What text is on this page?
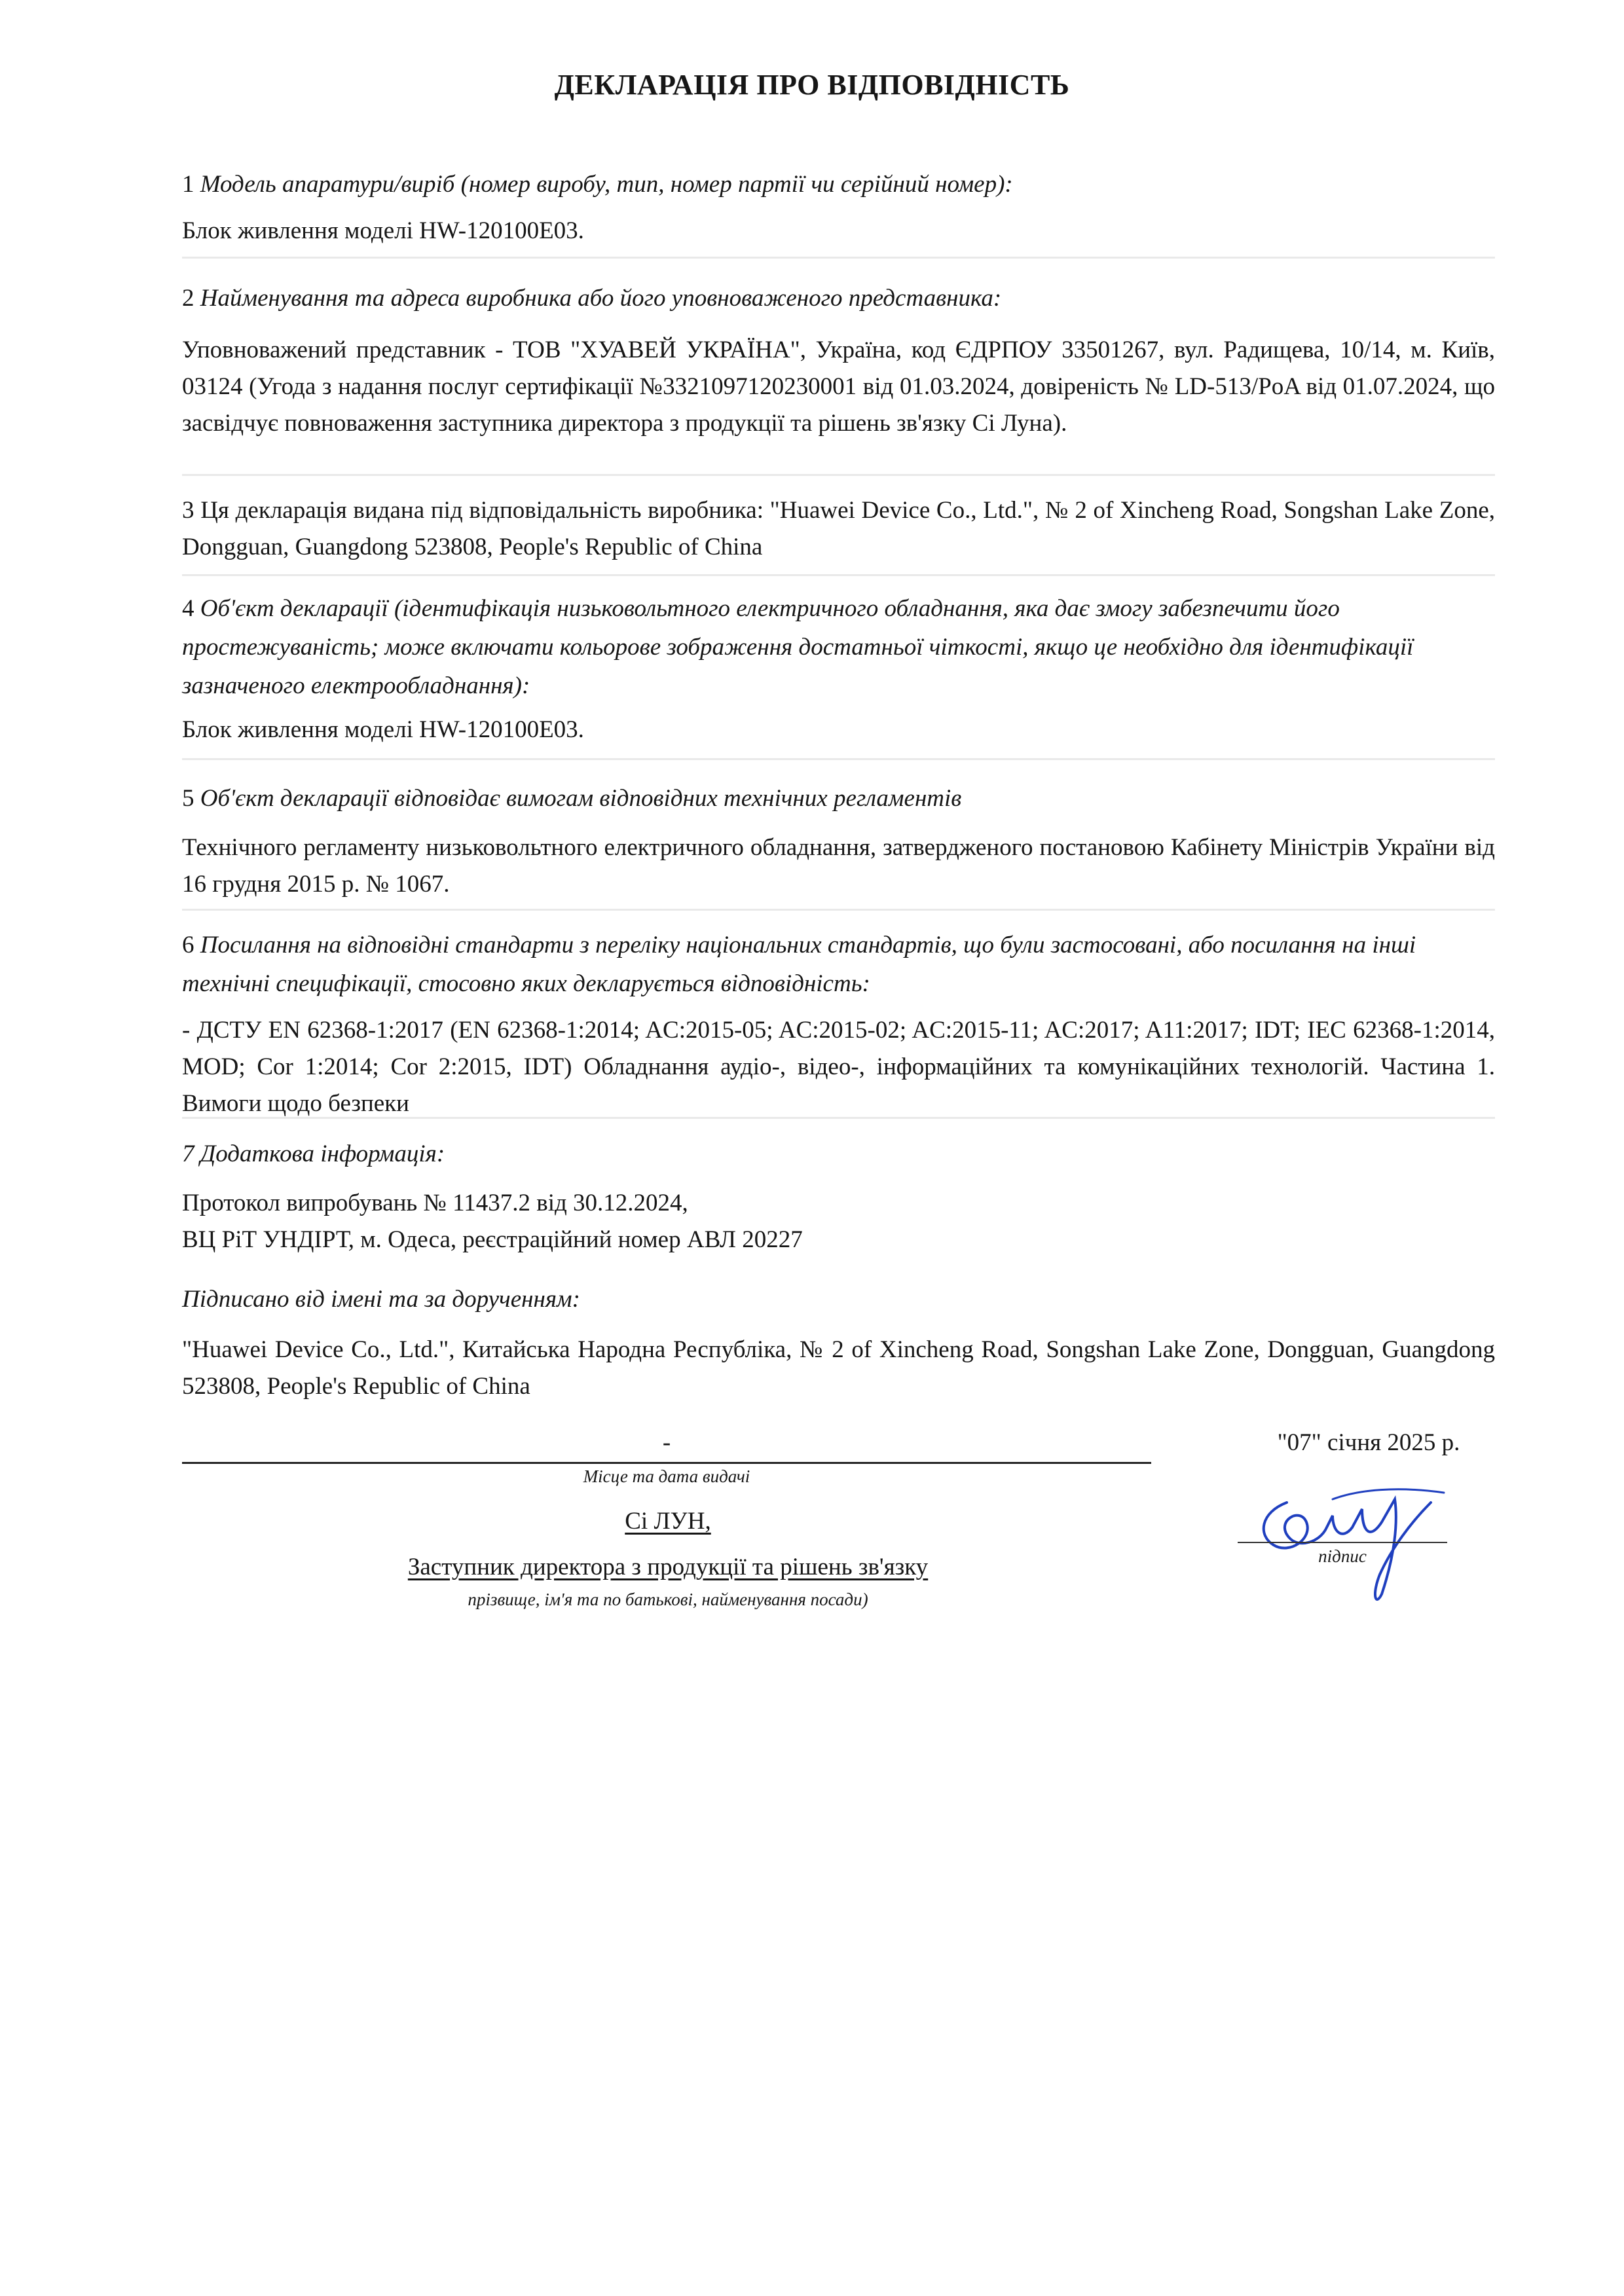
ДЕКЛАРАЦІЯ ПРО ВІДПОВІДНІСТЬ
1 Модель апаратури/виріб (номер виробу, тип, номер партії чи серійний номер):
Блок живлення моделі HW-120100E03.
2 Найменування та адреса виробника або його уповноваженого представника:
Уповноважений представник - ТОВ "ХУАВЕЙ УКРАЇНА", Україна, код ЄДРПОУ 33501267, вул. Радищева, 10/14, м. Київ, 03124 (Угода з надання послуг сертифікації №3321097120230001 від 01.03.2024, довіреність № LD-513/PoA від 01.07.2024, що засвідчує повноваження заступника директора з продукції та рішень зв'язку Сі Луна).
3 Ця декларація видана під відповідальність виробника: "Huawei Device Co., Ltd.", № 2 of Xincheng Road, Songshan Lake Zone, Dongguan, Guangdong 523808, People's Republic of China
4 Об'єкт декларації (ідентифікація низьковольтного електричного обладнання, яка дає змогу забезпечити його простежуваність; може включати кольорове зображення достатньої чіткості, якщо це необхідно для ідентифікації зазначеного електрообладнання):
Блок живлення моделі HW-120100E03.
5 Об'єкт декларації відповідає вимогам відповідних технічних регламентів
Технічного регламенту низьковольтного електричного обладнання, затвердженого постановою Кабінету Міністрів України від 16 грудня 2015 р. № 1067.
6 Посилання на відповідні стандарти з переліку національних стандартів, що були застосовані, або посилання на інші технічні специфікації, стосовно яких декларується відповідність:
- ДСТУ EN 62368-1:2017 (EN 62368-1:2014; AC:2015-05; AC:2015-02; AC:2015-11; AC:2017; A11:2017; IDT; IEC 62368-1:2014, MOD; Cor 1:2014; Cor 2:2015, IDT) Обладнання аудіо-, відео-, інформаційних та комунікаційних технологій. Частина 1. Вимоги щодо безпеки
7 Додаткова інформація:
Протокол випробувань № 11437.2 від 30.12.2024,
ВЦ РіТ УНДІРТ, м. Одеса, реєстраційний номер АВЛ 20227
Підписано від імені та за дорученням:
"Huawei Device Co., Ltd.", Китайська Народна Республіка, № 2 of Xincheng Road, Songshan Lake Zone, Dongguan, Guangdong 523808, People's Republic of China
-
Місце та дата видачі
"07" січня 2025 р.
підпис
Сі ЛУН,
Заступник директора з продукції та рішень зв'язку
прізвище, ім'я та по батькові, найменування посади)
